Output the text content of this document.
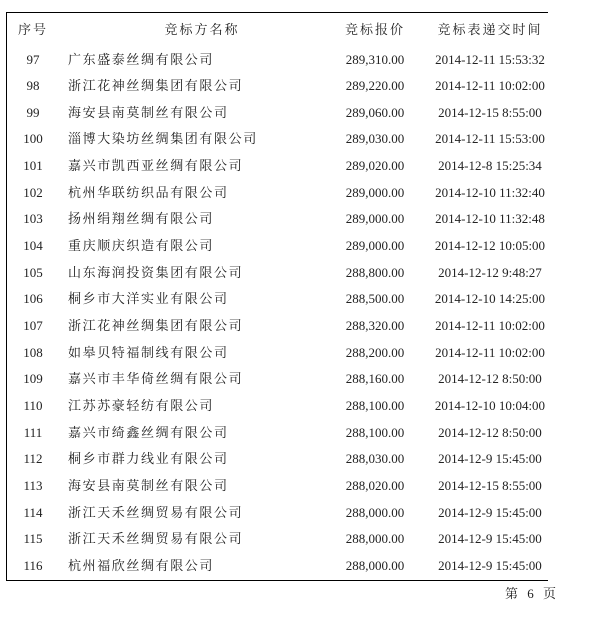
序号	竞标方名称	竞标报价	竞标表递交时间
97	广东盛泰丝绸有限公司	289,310.00	2014-12-11 15:53:32
98	浙江花神丝绸集团有限公司	289,220.00	2014-12-11 10:02:00
99	海安县南莫制丝有限公司	289,060.00	2014-12-15 8:55:00
100	淄博大染坊丝绸集团有限公司	289,030.00	2014-12-11 15:53:00
101	嘉兴市凯西亚丝绸有限公司	289,020.00	2014-12-8 15:25:34
102	杭州华联纺织品有限公司	289,000.00	2014-12-10 11:32:40
103	扬州绢翔丝绸有限公司	289,000.00	2014-12-10 11:32:48
104	重庆顺庆织造有限公司	289,000.00	2014-12-12 10:05:00
105	山东海润投资集团有限公司	288,800.00	2014-12-12 9:48:27
106	桐乡市大洋实业有限公司	288,500.00	2014-12-10 14:25:00
107	浙江花神丝绸集团有限公司	288,320.00	2014-12-11 10:02:00
108	如皋贝特福制线有限公司	288,200.00	2014-12-11 10:02:00
109	嘉兴市丰华倚丝绸有限公司	288,160.00	2014-12-12 8:50:00
110	江苏苏豪轻纺有限公司	288,100.00	2014-12-10 10:04:00
111	嘉兴市绮鑫丝绸有限公司	288,100.00	2014-12-12 8:50:00
112	桐乡市群力线业有限公司	288,030.00	2014-12-9 15:45:00
113	海安县南莫制丝有限公司	288,020.00	2014-12-15 8:55:00
114	浙江天禾丝绸贸易有限公司	288,000.00	2014-12-9 15:45:00
115	浙江天禾丝绸贸易有限公司	288,000.00	2014-12-9 15:45:00
116	杭州福欣丝绸有限公司	288,000.00	2014-12-9 15:45:00
第 6 页
